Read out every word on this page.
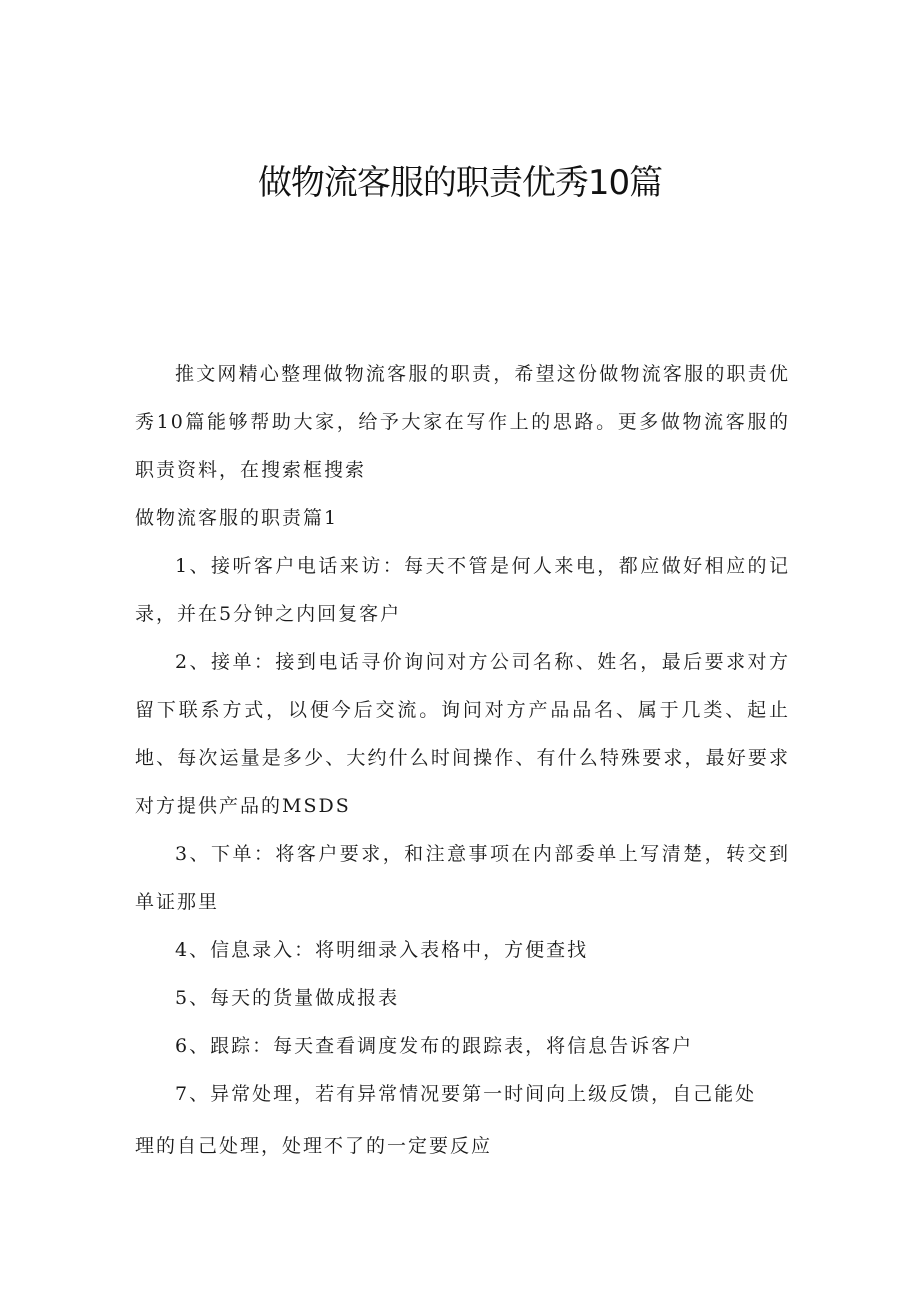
做物流客服的职责优秀10篇

推文网精心整理做物流客服的职责，希望这份做物流客服的职责优秀10篇能够帮助大家，给予大家在写作上的思路。更多做物流客服的职责资料，在搜索框搜索

做物流客服的职责篇1

1、接听客户电话来访：每天不管是何人来电，都应做好相应的记录，并在5分钟之内回复客户

2、接单：接到电话寻价询问对方公司名称、姓名，最后要求对方留下联系方式，以便今后交流。询问对方产品品名、属于几类、起止地、每次运量是多少、大约什么时间操作、有什么特殊要求，最好要求对方提供产品的MSDS

3、下单：将客户要求，和注意事项在内部委单上写清楚，转交到单证那里

4、信息录入：将明细录入表格中，方便查找

5、每天的货量做成报表

6、跟踪：每天查看调度发布的跟踪表，将信息告诉客户

7、异常处理，若有异常情况要第一时间向上级反馈，自己能处

理的自己处理，处理不了的一定要反应
